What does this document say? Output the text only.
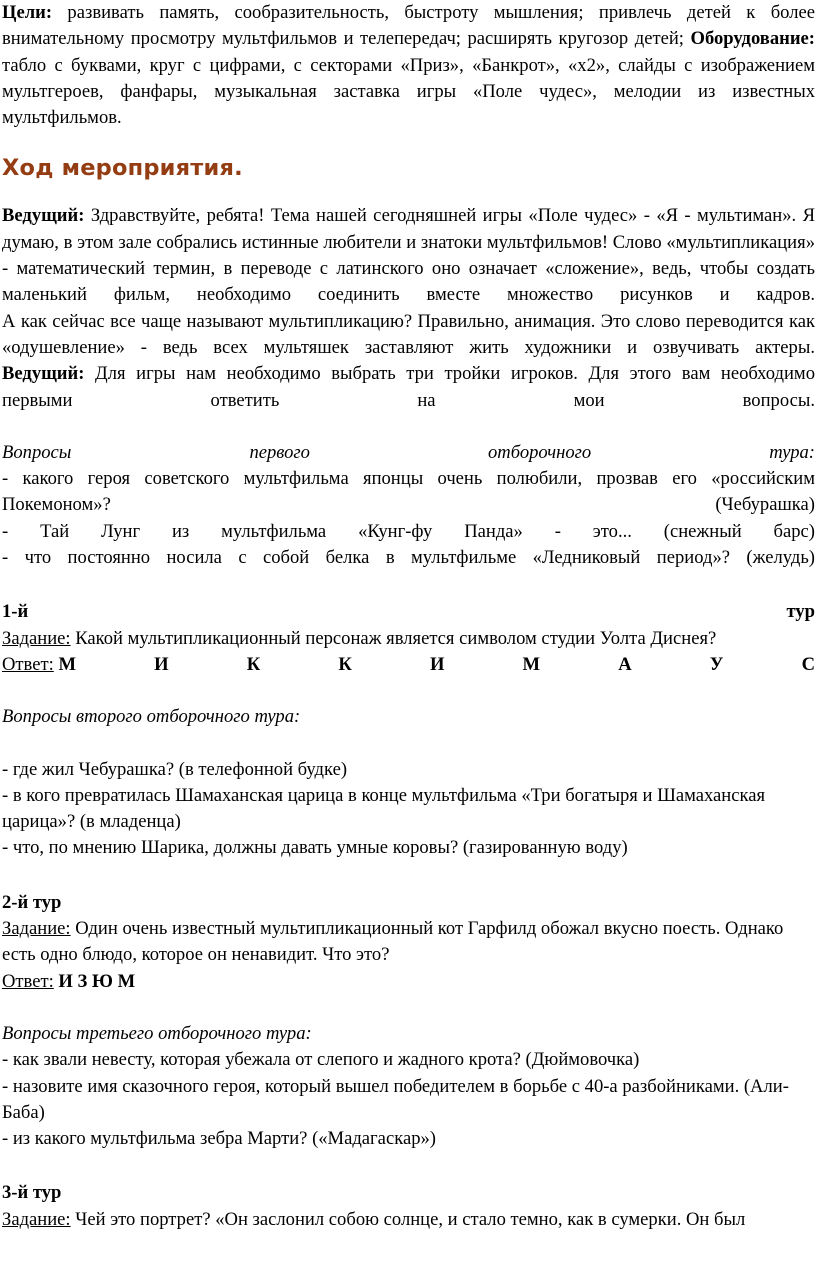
Цели: развивать память, сообразительность, быстроту мышления; привлечь детей к более внимательному просмотру мультфильмов и телепередач; расширять кругозор детей; Оборудование: табло с буквами, круг с цифрами, с секторами «Приз», «Банкрот», «х2», слайды с изображением мультгероев, фанфары, музыкальная заставка игры «Поле чудес», мелодии из известных мультфильмов.

Ход мероприятия.

Ведущий: Здравствуйте, ребята! Тема нашей сегодняшней игры «Поле чудес» - «Я - мультиман». Я думаю, в этом зале собрались истинные любители и знатоки мультфильмов! Слово «мультипликация» - математический термин, в переводе с латинского оно означает «сложение», ведь, чтобы создать маленький фильм, необходимо соединить вместе множество рисунков и кадров.

А как сейчас все чаще называют мультипликацию? Правильно, анимация. Это слово переводится как «одушевление» - ведь всех мультяшек заставляют жить художники и озвучивать актеры.

Ведущий: Для игры нам необходимо выбрать три тройки игроков. Для этого вам необходимо первыми ответить на мои вопросы.

Вопросы первого отборочного тура:

- какого героя советского мультфильма японцы очень полюбили, прозвав его «российским Покемоном»? (Чебурашка)

- Тай Лунг из мультфильма «Кунг-фу Панда» - это... (снежный барс)

- что постоянно носила с собой белка в мультфильме «Ледниковый период»? (желудь)

1-й	тур

Задание: Какой мультипликационный персонаж является символом студии Уолта Диснея?

Ответ: М	И	К	К	И	М	А	У	С

Вопросы второго отборочного тура:

- где жил Чебурашка? (в телефонной будке)

- в кого превратилась Шамаханская царица в конце мультфильма «Три богатыря и Шамаханская царица»? (в младенца)

- что, по мнению Шарика, должны давать умные коровы? (газированную воду)

2-й тур

Задание: Один очень известный мультипликационный кот Гарфилд обожал вкусно поесть. Однако есть одно блюдо, которое он ненавидит. Что это?

Ответ: И З Ю М

Вопросы третьего отборочного тура:

- как звали невесту, которая убежала от слепого и жадного крота? (Дюймовочка)

- назовите имя сказочного героя, который вышел победителем в борьбе с 40-а разбойниками. (Али-Баба)

- из какого мультфильма зебра Марти? («Мадагаскар»)

3-й тур

Задание: Чей это портрет? «Он заслонил собою солнце, и стало темно, как в сумерки. Он был
